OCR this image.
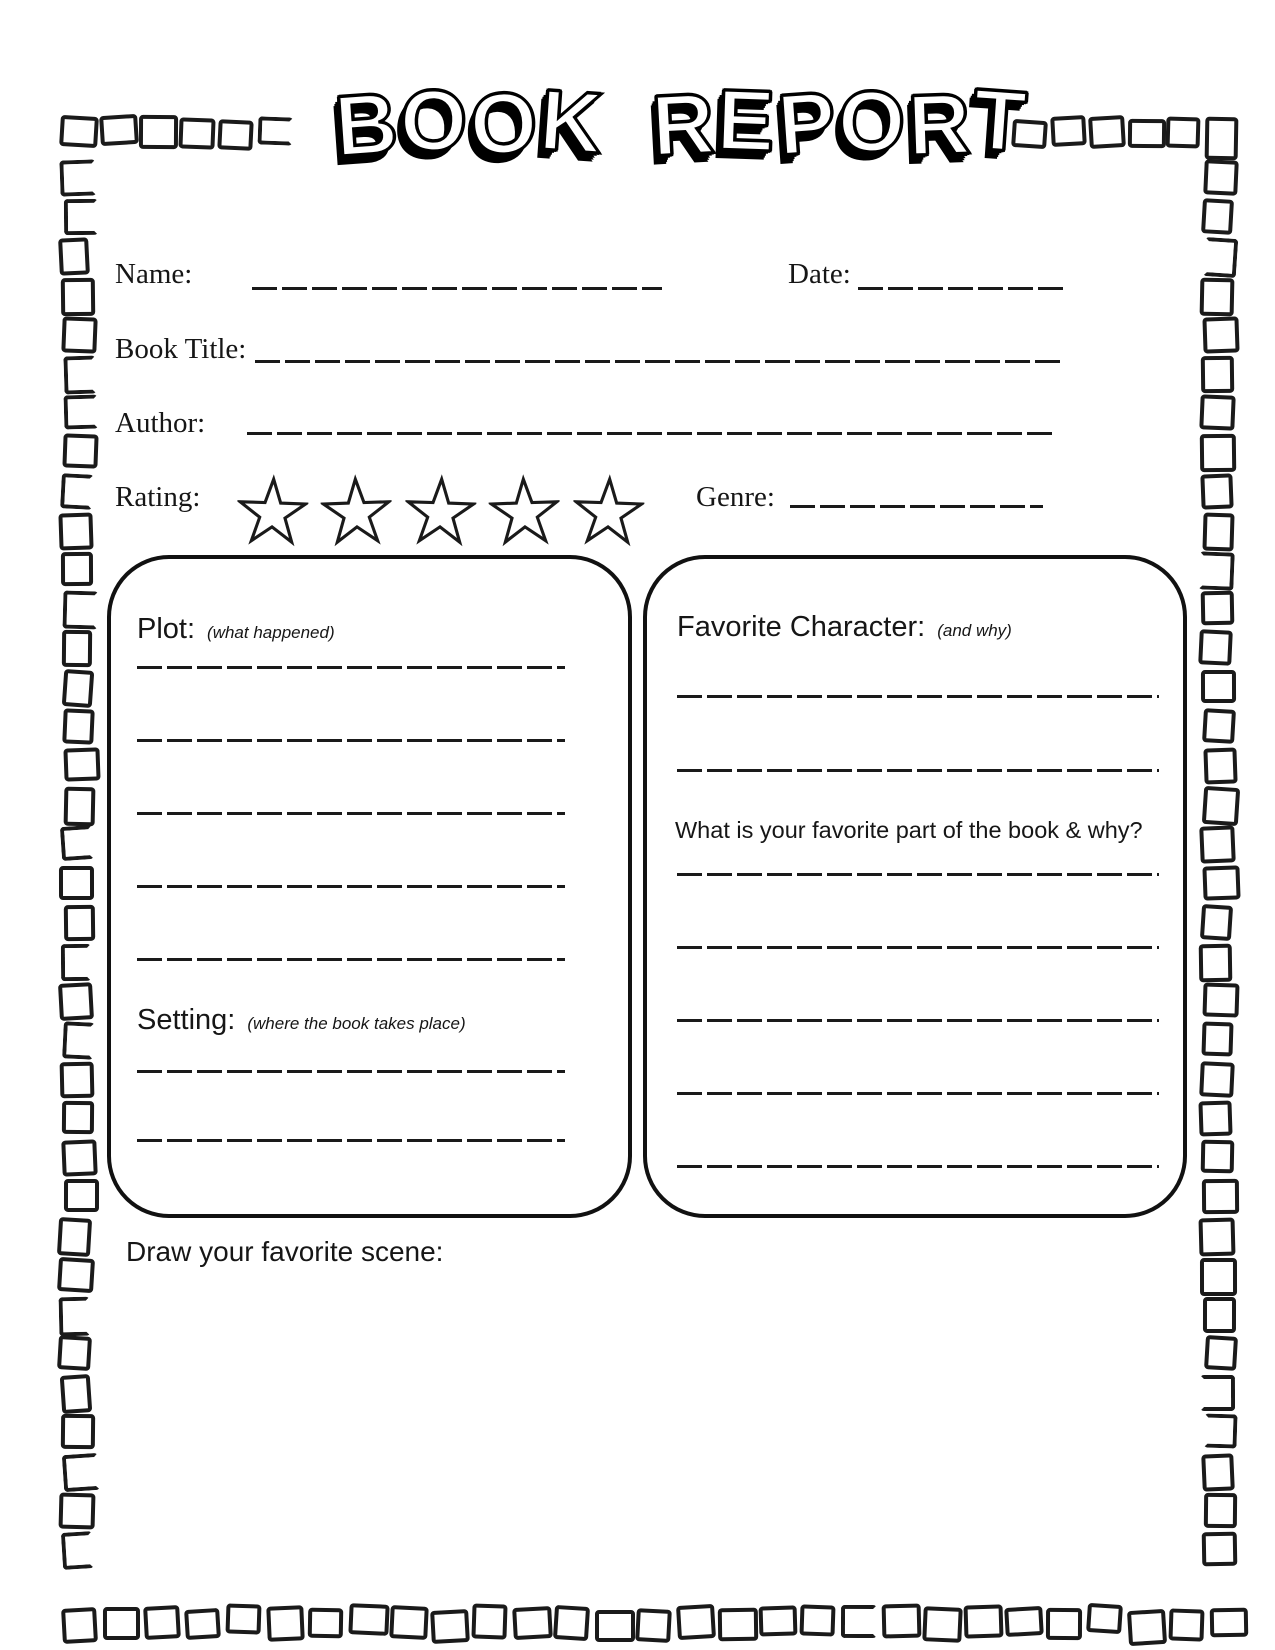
B
O
O
K R
E
P
O
R
T
Name:	Date:
Book Title:
Author:
Rating:	Genre:
Plot: (what happened)
Setting: (where the book takes place)
Favorite Character: (and why)
What is your favorite part of the book & why?
Draw your favorite scene:
